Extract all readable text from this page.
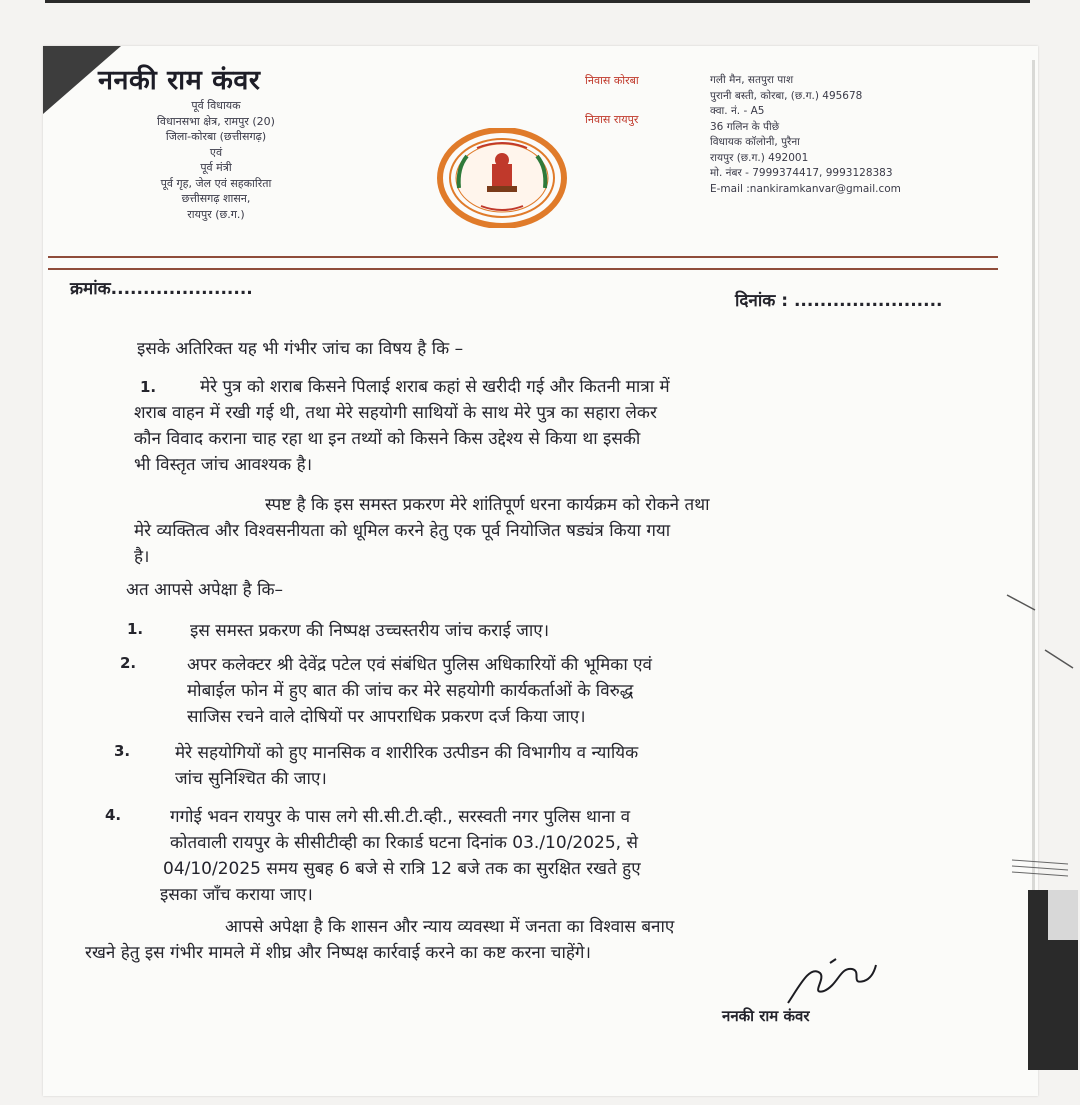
ननकी राम कंवर
पूर्व विधायक
विधानसभा क्षेत्र, रामपुर (20)
जिला-कोरबा (छत्तीसगढ़)
एवं
पूर्व मंत्री
पूर्व गृह, जेल एवं सहकारिता
छत्तीसगढ़ शासन,
रायपुर (छ.ग.)
निवास कोरबा
निवास रायपुर
गली मैन, सतपुरा पाश
पुरानी बस्ती, कोरबा, (छ.ग.) 495678
क्वा. नं. - A5
36 गलिन के पीछे
विधायक कॉलोनी, पुरैना
रायपुर (छ.ग.) 492001
मो. नंबर - 7999374417, 9993128383
E-mail :nankiramkanvar@gmail.com
क्रमांक......................
दिनांक : .......................
इसके अतिरिक्त यह भी गंभीर जांच का विषय है कि –
1.	मेरे पुत्र को शराब किसने पिलाई शराब कहां से खरीदी गई और कितनी मात्रा में
शराब वाहन में रखी गई थी, तथा मेरे सहयोगी साथियों के साथ मेरे पुत्र का सहारा लेकर
कौन विवाद कराना चाह रहा था इन तथ्यों को किसने किस उद्देश्य से किया था इसकी
भी विस्तृत जांच आवश्यक है।
स्पष्ट है कि इस समस्त प्रकरण मेरे शांतिपूर्ण धरना कार्यक्रम को रोकने तथा
मेरे व्यक्तित्व और विश्वसनीयता को धूमिल करने हेतु एक पूर्व नियोजित षड्यंत्र किया गया
है।
अत आपसे अपेक्षा है कि–
1.	इस समस्त प्रकरण की निष्पक्ष उच्चस्तरीय जांच कराई जाए।
2.	अपर कलेक्टर श्री देवेंद्र पटेल एवं संबंधित पुलिस अधिकारियों की भूमिका एवं
मोबाईल फोन में हुए बात की जांच कर मेरे सहयोगी कार्यकर्ताओं के विरुद्ध
साजिस रचने वाले दोषियों पर आपराधिक प्रकरण दर्ज किया जाए।
3.	मेरे सहयोगियों को हुए मानसिक व शारीरिक उत्पीडन की विभागीय व न्यायिक
जांच सुनिश्चित की जाए।
4.	गगोई भवन रायपुर के पास लगे सी.सी.टी.व्ही., सरस्वती नगर पुलिस थाना व
कोतवाली रायपुर के सीसीटीव्ही का रिकार्ड घटना दिनांक 03./10/2025, से
04/10/2025 समय सुबह 6 बजे से रात्रि 12 बजे तक का सुरक्षित रखते हुए
इसका जाँच कराया जाए।
आपसे अपेक्षा है कि शासन और न्याय व्यवस्था में जनता का विश्वास बनाए
रखने हेतु इस गंभीर मामले में शीघ्र और निष्पक्ष कार्रवाई करने का कष्ट करना चाहेंगे।
ननकी राम कंवर
